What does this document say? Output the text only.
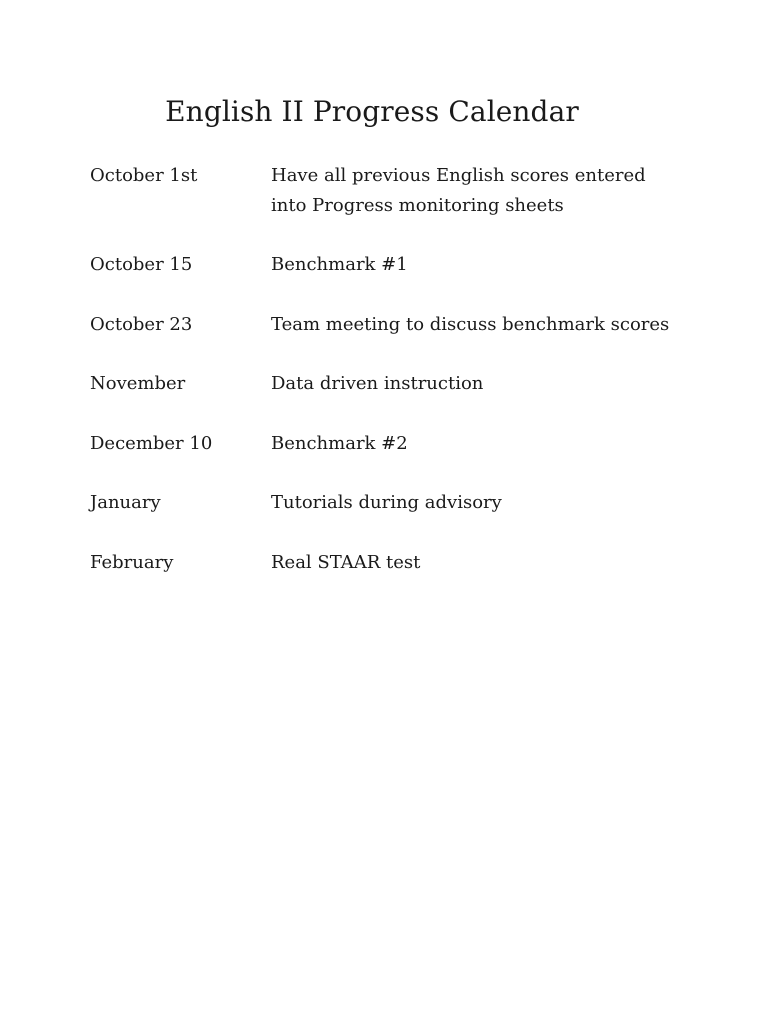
English II Progress Calendar
October 1st	Have all previous English scores entered into Progress monitoring sheets
October 15	Benchmark #1
October 23	Team meeting to discuss benchmark scores
November	Data driven instruction
December 10	Benchmark #2
January	Tutorials during advisory
February	Real STAAR test
